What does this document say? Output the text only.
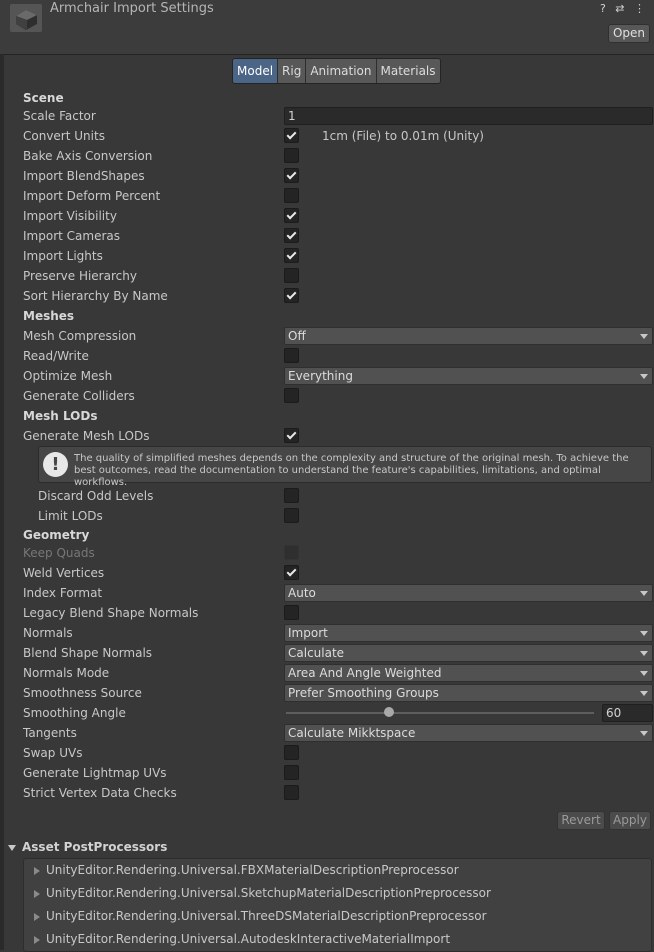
Armchair Import Settings	? ⇄ ⋮
Open
Model Rig Animation Materials
Scene
Scale Factor	1
Convert Units	1cm (File) to 0.01m (Unity)
Bake Axis Conversion
Import BlendShapes
Import Deform Percent
Import Visibility
Import Cameras
Import Lights
Preserve Hierarchy
Sort Hierarchy By Name
Meshes
Mesh Compression	Off
Read/Write
Optimize Mesh	Everything
Generate Colliders
Mesh LODs
Generate Mesh LODs
!	The quality of simplified meshes depends on the complexity and structure of the original mesh. To achieve the best outcomes, read the documentation to understand the feature's capabilities, limitations, and optimal workflows.
Discard Odd Levels
Limit LODs
Geometry
Keep Quads
Weld Vertices
Index Format	Auto
Legacy Blend Shape Normals
Normals	Import
Blend Shape Normals	Calculate
Normals Mode	Area And Angle Weighted
Smoothness Source	Prefer Smoothing Groups
Smoothing Angle	60
Tangents	Calculate Mikktspace
Swap UVs
Generate Lightmap UVs
Strict Vertex Data Checks
Revert	Apply
Asset PostProcessors
UnityEditor.Rendering.Universal.FBXMaterialDescriptionPreprocessor
UnityEditor.Rendering.Universal.SketchupMaterialDescriptionPreprocessor
UnityEditor.Rendering.Universal.ThreeDSMaterialDescriptionPreprocessor
UnityEditor.Rendering.Universal.AutodeskInteractiveMaterialImport
